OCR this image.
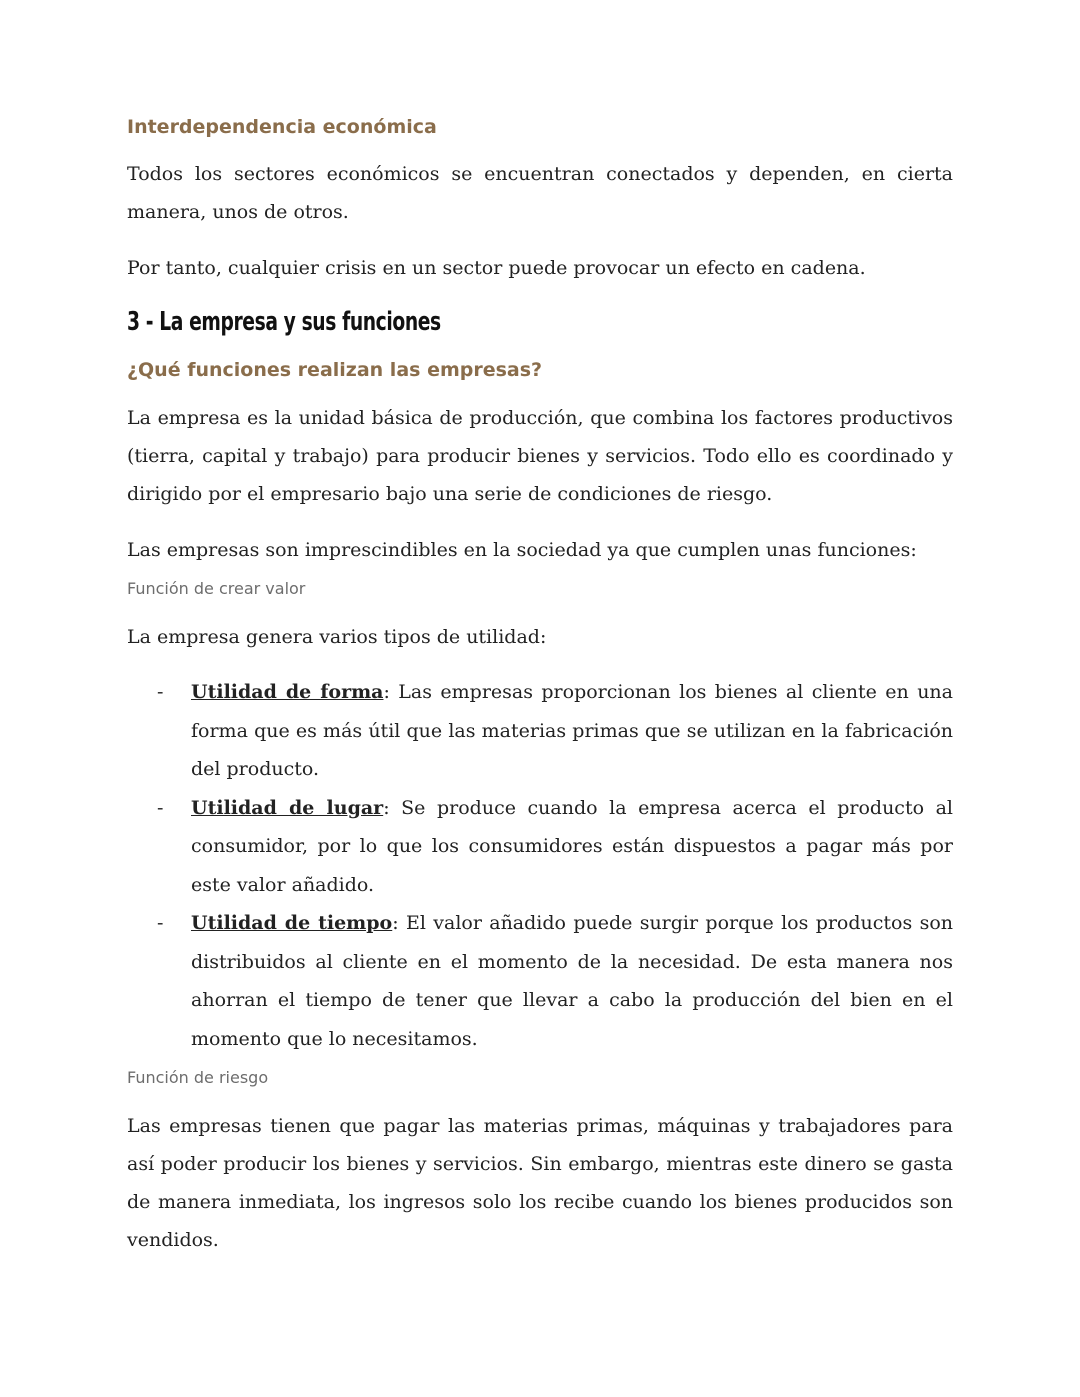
Interdependencia económica

Todos los sectores económicos se encuentran conectados y dependen, en cierta manera, unos de otros.

Por tanto, cualquier crisis en un sector puede provocar un efecto en cadena.

3 - La empresa y sus funciones
¿Qué funciones realizan las empresas?

La empresa es la unidad básica de producción, que combina los factores productivos (tierra, capital y trabajo) para producir bienes y servicios. Todo ello es coordinado y dirigido por el empresario bajo una serie de condiciones de riesgo.

Las empresas son imprescindibles en la sociedad ya que cumplen unas funciones:

Función de crear valor

La empresa genera varios tipos de utilidad:

- Utilidad de forma: Las empresas proporcionan los bienes al cliente en una forma que es más útil que las materias primas que se utilizan en la fabricación del producto.
- Utilidad de lugar: Se produce cuando la empresa acerca el producto al consumidor, por lo que los consumidores están dispuestos a pagar más por este valor añadido.
- Utilidad de tiempo: El valor añadido puede surgir porque los productos son distribuidos al cliente en el momento de la necesidad. De esta manera nos ahorran el tiempo de tener que llevar a cabo la producción del bien en el momento que lo necesitamos.
Función de riesgo

Las empresas tienen que pagar las materias primas, máquinas y trabajadores para así poder producir los bienes y servicios. Sin embargo, mientras este dinero se gasta de manera inmediata, los ingresos solo los recibe cuando los bienes producidos son vendidos.
